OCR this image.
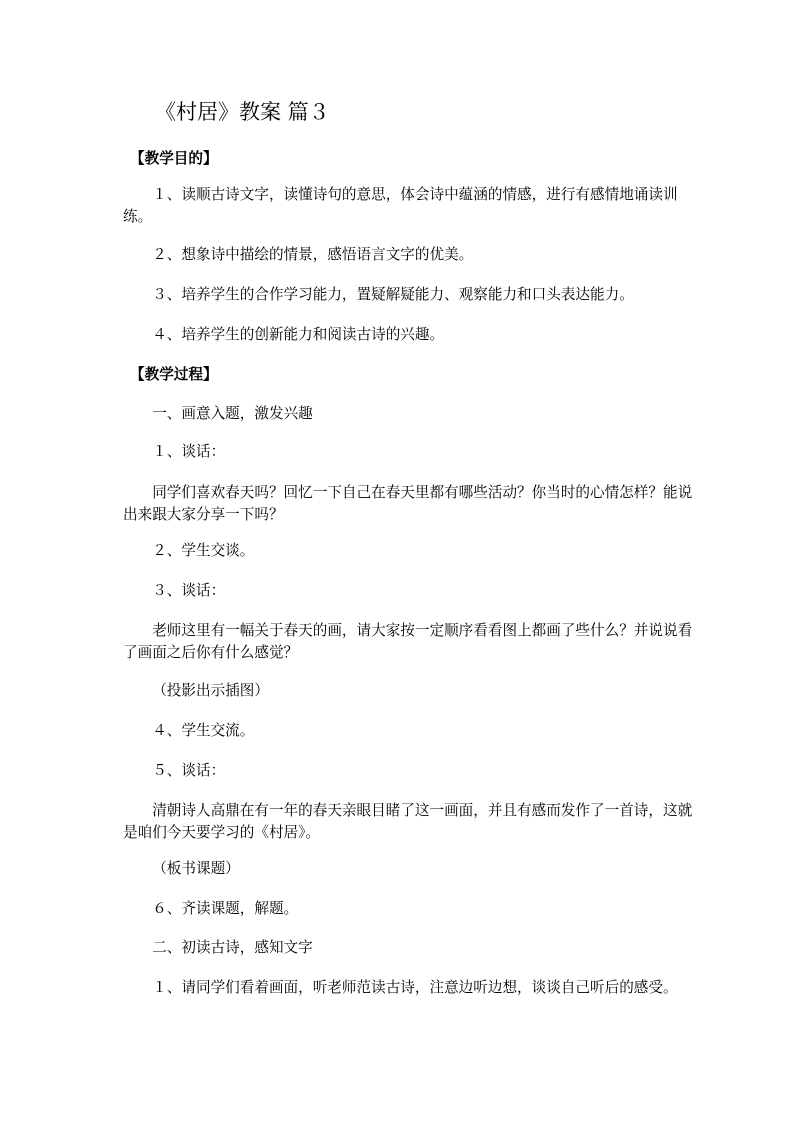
《村居》教案 篇３
【教学目的】

１、读顺古诗文字，读懂诗句的意思，体会诗中蕴涵的情感，进行有感情地诵读训练。

２、想象诗中描绘的情景，感悟语言文字的优美。

３、培养学生的合作学习能力，置疑解疑能力、观察能力和口头表达能力。

４、培养学生的创新能力和阅读古诗的兴趣。

【教学过程】

一、画意入题，激发兴趣

１、谈话：

同学们喜欢春天吗？回忆一下自己在春天里都有哪些活动？你当时的心情怎样？能说出来跟大家分享一下吗？

２、学生交谈。

３、谈话：

老师这里有一幅关于春天的画，请大家按一定顺序看看图上都画了些什么？并说说看了画面之后你有什么感觉？

（投影出示插图）

４、学生交流。

５、谈话：

清朝诗人高鼎在有一年的春天亲眼目睹了这一画面，并且有感而发作了一首诗，这就是咱们今天要学习的《村居》。

（板书课题）

６、齐读课题，解题。

二、初读古诗，感知文字

１、请同学们看着画面，听老师范读古诗，注意边听边想，谈谈自己听后的感受。
